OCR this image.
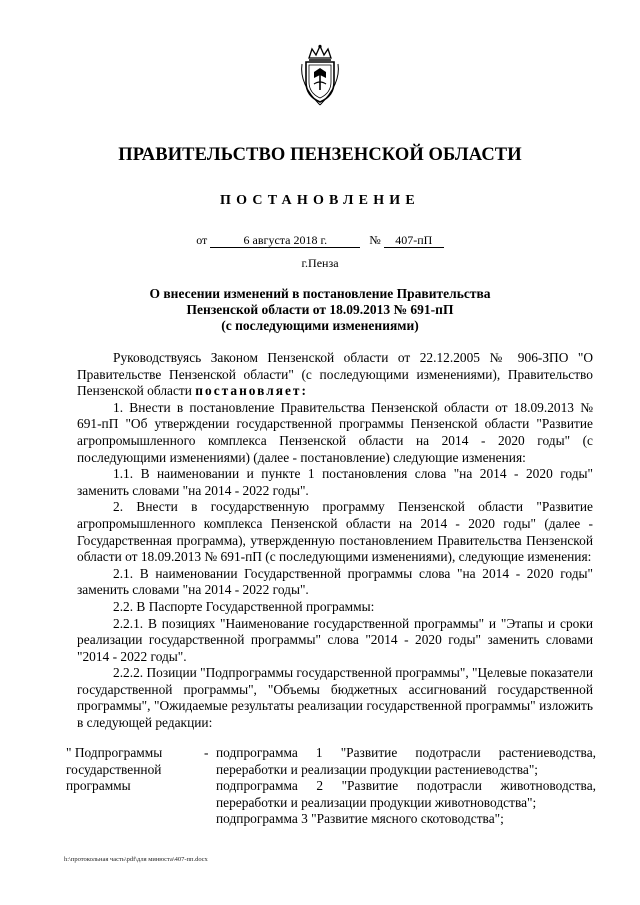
ПРАВИТЕЛЬСТВО ПЕНЗЕНСКОЙ ОБЛАСТИ
ПОСТАНОВЛЕНИЕ
от	6 августа 2018 г.	№ 407-пП
г.Пенза
О внесении изменений в постановление Правительства
Пензенской области от 18.09.2013 № 691-пП
(с последующими изменениями)

Руководствуясь Законом Пензенской области от 22.12.2005 № 906-ЗПО "О Правительстве Пензенской области" (с последующими изменениями), Правительство Пензенской области постановляет:

1. Внести в постановление Правительства Пензенской области от 18.09.2013 № 691-пП "Об утверждении государственной программы Пензенской области "Развитие агропромышленного комплекса Пензенской области на 2014 - 2020 годы" (с последующими изменениями) (далее - постановление) следующие изменения:

1.1. В наименовании и пункте 1 постановления слова "на 2014 - 2020 годы" заменить словами "на 2014 - 2022 годы".

2. Внести в государственную программу Пензенской области "Развитие агропромышленного комплекса Пензенской области на 2014 - 2020 годы" (далее - Государственная программа), утвержденную постановлением Правительства Пензенской области от 18.09.2013 № 691-пП (с последующими изменениями), следующие изменения:

2.1. В наименовании Государственной программы слова "на 2014 - 2020 годы" заменить словами "на 2014 - 2022 годы".

2.2. В Паспорте Государственной программы:

2.2.1. В позициях "Наименование государственной программы" и "Этапы и сроки реализации государственной программы" слова "2014 - 2020 годы" заменить словами "2014 - 2022 годы".

2.2.2. Позиции "Подпрограммы государственной программы", "Целевые показатели государственной программы", "Объемы бюджетных ассигнований государственной программы", "Ожидаемые результаты реализации государственной программы" изложить в следующей редакции:

" Подпрограммы государственной программы
- подпрограмма 1 "Развитие подотрасли растениеводства, переработки и реализации продукции растениеводства";
подпрограмма 2 "Развитие подотрасли животноводства, переработки и реализации продукции животноводства";
подпрограмма 3 "Развитие мясного скотоводства";
h:\протокольная часть\pdf\для минюста\407-пп.docx
